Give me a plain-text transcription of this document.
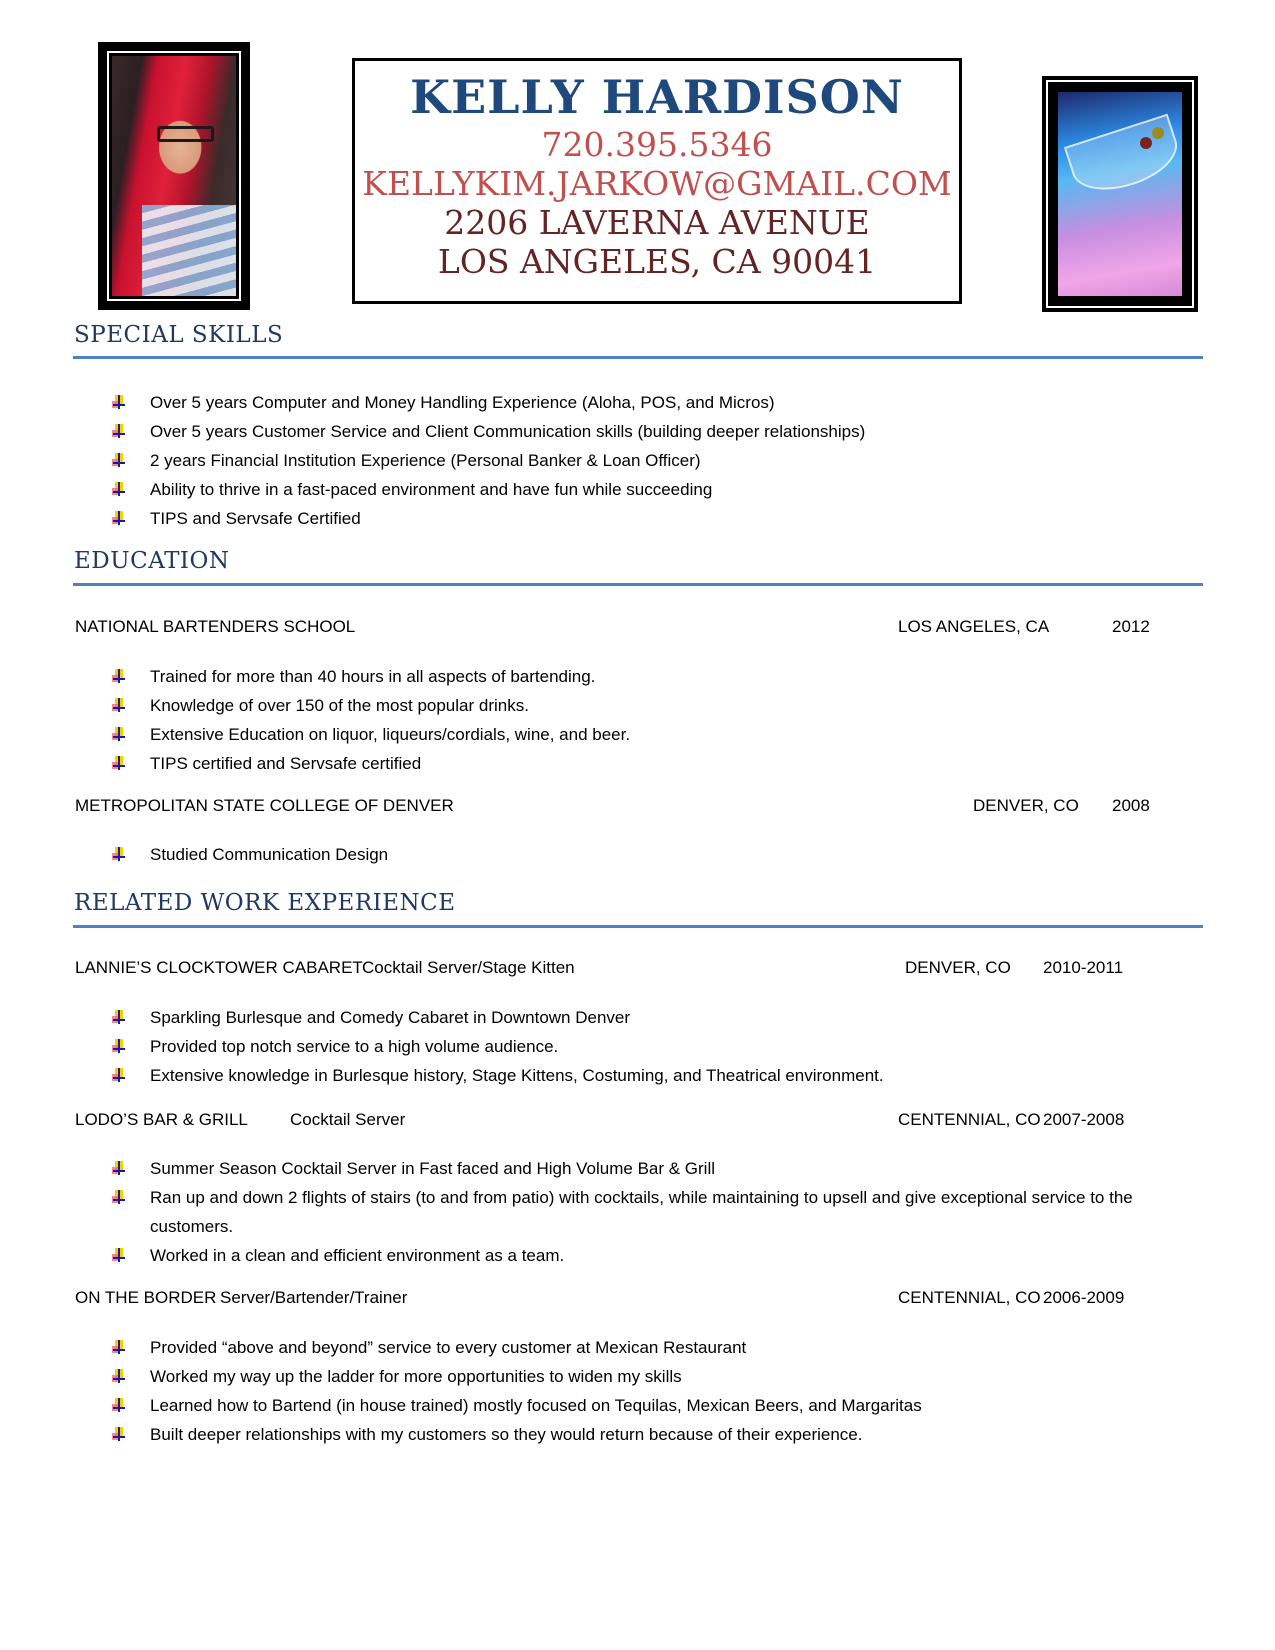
KELLY HARDISON
720.395.5346
KELLYKIM.JARKOW@GMAIL.COM
2206 LAVERNA AVENUE
LOS ANGELES, CA 90041
SPECIAL SKILLS
Over 5 years Computer and Money Handling Experience (Aloha, POS, and Micros)
Over 5 years Customer Service and Client Communication skills (building deeper relationships)
2 years Financial Institution Experience (Personal Banker & Loan Officer)
Ability to thrive in a fast-paced environment and have fun while succeeding
TIPS and Servsafe Certified
EDUCATION
NATIONAL BARTENDERS SCHOOL	LOS ANGELES, CA	2012
Trained for more than 40 hours in all aspects of bartending.
Knowledge of over 150 of the most popular drinks.
Extensive Education on liquor, liqueurs/cordials, wine, and beer.
TIPS certified and Servsafe certified
METROPOLITAN STATE COLLEGE OF DENVER	DENVER, CO 2008
Studied Communication Design
RELATED WORK EXPERIENCE
LANNIE’S CLOCKTOWER CABARET Cocktail Server/Stage Kitten	DENVER, CO 2010-2011
Sparkling Burlesque and Comedy Cabaret in Downtown Denver
Provided top notch service to a high volume audience.
Extensive knowledge in Burlesque history, Stage Kittens, Costuming, and Theatrical environment.
LODO’S BAR & GRILL Cocktail Server	CENTENNIAL, CO 2007-2008
Summer Season Cocktail Server in Fast faced and High Volume Bar & Grill
Ran up and down 2 flights of stairs (to and from patio) with cocktails, while maintaining to upsell and give exceptional service to the customers.
Worked in a clean and efficient environment as a team.
ON THE BORDER Server/Bartender/Trainer	CENTENNIAL, CO 2006-2009
Provided “above and beyond” service to every customer at Mexican Restaurant
Worked my way up the ladder for more opportunities to widen my skills
Learned how to Bartend (in house trained) mostly focused on Tequilas, Mexican Beers, and Margaritas
Built deeper relationships with my customers so they would return because of their experience.
